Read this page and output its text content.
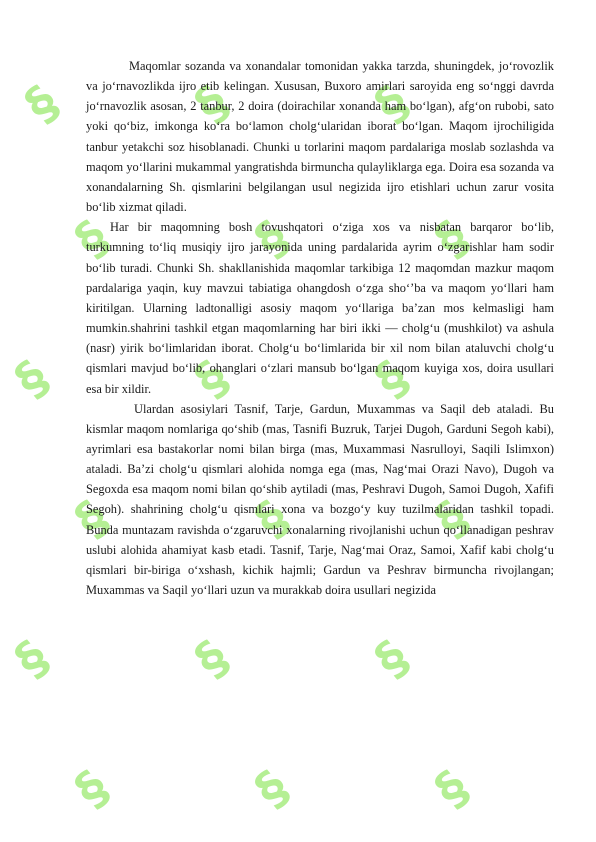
§ §	§
§	§	§
§	§	§
§	§	§
§	§	§
§	§	§

Maqomlar sozanda va xonandalar tomonidan yakka tarzda, shuningdek, jo‘rovozlik va jo‘rnavozlikda ijro etib kelingan. Xususan, Buxoro amirlari saroyida eng so‘nggi davrda jo‘rnavozlik asosan, 2 tanbur, 2 doira (doirachilar xonanda ham bo‘lgan), afg‘on rubobi, sato yoki qo‘biz, imkonga ko‘ra bo‘lamon cholg‘ularidan iborat bo‘lgan. Maqom ijrochiligida tanbur yetakchi soz hisoblanadi. Chunki u torlarini maqom pardalariga moslab sozlashda va maqom yo‘llarini mukammal yangratishda birmuncha qulayliklarga ega. Doira esa sozanda va xonandalarning Sh. qismlarini belgilangan usul negizida ijro etishlari uchun zarur vosita bo‘lib xizmat qiladi.

Har bir maqomning bosh tovushqatori o‘ziga xos va nisbatan barqaror bo‘lib, turkumning to‘liq musiqiy ijro jarayonida uning pardalarida ayrim o‘zgarishlar ham sodir bo‘lib turadi. Chunki Sh. shakllanishida maqomlar tarkibiga 12 maqomdan mazkur maqom pardalariga yaqin, kuy mavzui tabiatiga ohangdosh o‘zga sho‘’ba va maqom yo‘llari ham kiritilgan. Ularning ladtonalligi asosiy maqom yo‘llariga ba’zan mos kelmasligi ham mumkin.shahrini tashkil etgan maqomlarning har biri ikki — cholg‘u (mushkilot) va ashula (nasr) yirik bo‘limlaridan iborat. Cholg‘u bo‘limlarida bir xil nom bilan ataluvchi cholg‘u qismlari mavjud bo‘lib, ohanglari o‘zlari mansub bo‘lgan maqom kuyiga xos, doira usullari esa bir xildir.

Ulardan asosiylari Tasnif, Tarje, Gardun, Muxammas va Saqil deb ataladi. Bu kismlar maqom nomlariga qo‘shib (mas, Tasnifi Buzruk, Tarjei Dugoh, Garduni Segoh kabi), ayrimlari esa bastakorlar nomi bilan birga (mas, Muxammasi Nasrulloyi, Saqili Islimxon) ataladi. Ba’zi cholg‘u qismlari alohida nomga ega (mas, Nag‘mai Orazi Navo), Dugoh va Segoxda esa maqom nomi bilan qo‘shib aytiladi (mas, Peshravi Dugoh, Samoi Dugoh, Xafifi Segoh). shahrining cholg‘u qismlari xona va bozgo‘y kuy tuzilmalaridan tashkil topadi. Bunda muntazam ravishda o‘zgaruvchi xonalarning rivojlanishi uchun qo‘llanadigan peshrav uslubi alohida ahamiyat kasb etadi. Tasnif, Tarje, Nag‘mai Oraz, Samoi, Xafif kabi cholg‘u qismlari bir-biriga o‘xshash, kichik hajmli; Gardun va Peshrav birmuncha rivojlangan; Muxammas va Saqil yo‘llari uzun va murakkab doira usullari negizida
